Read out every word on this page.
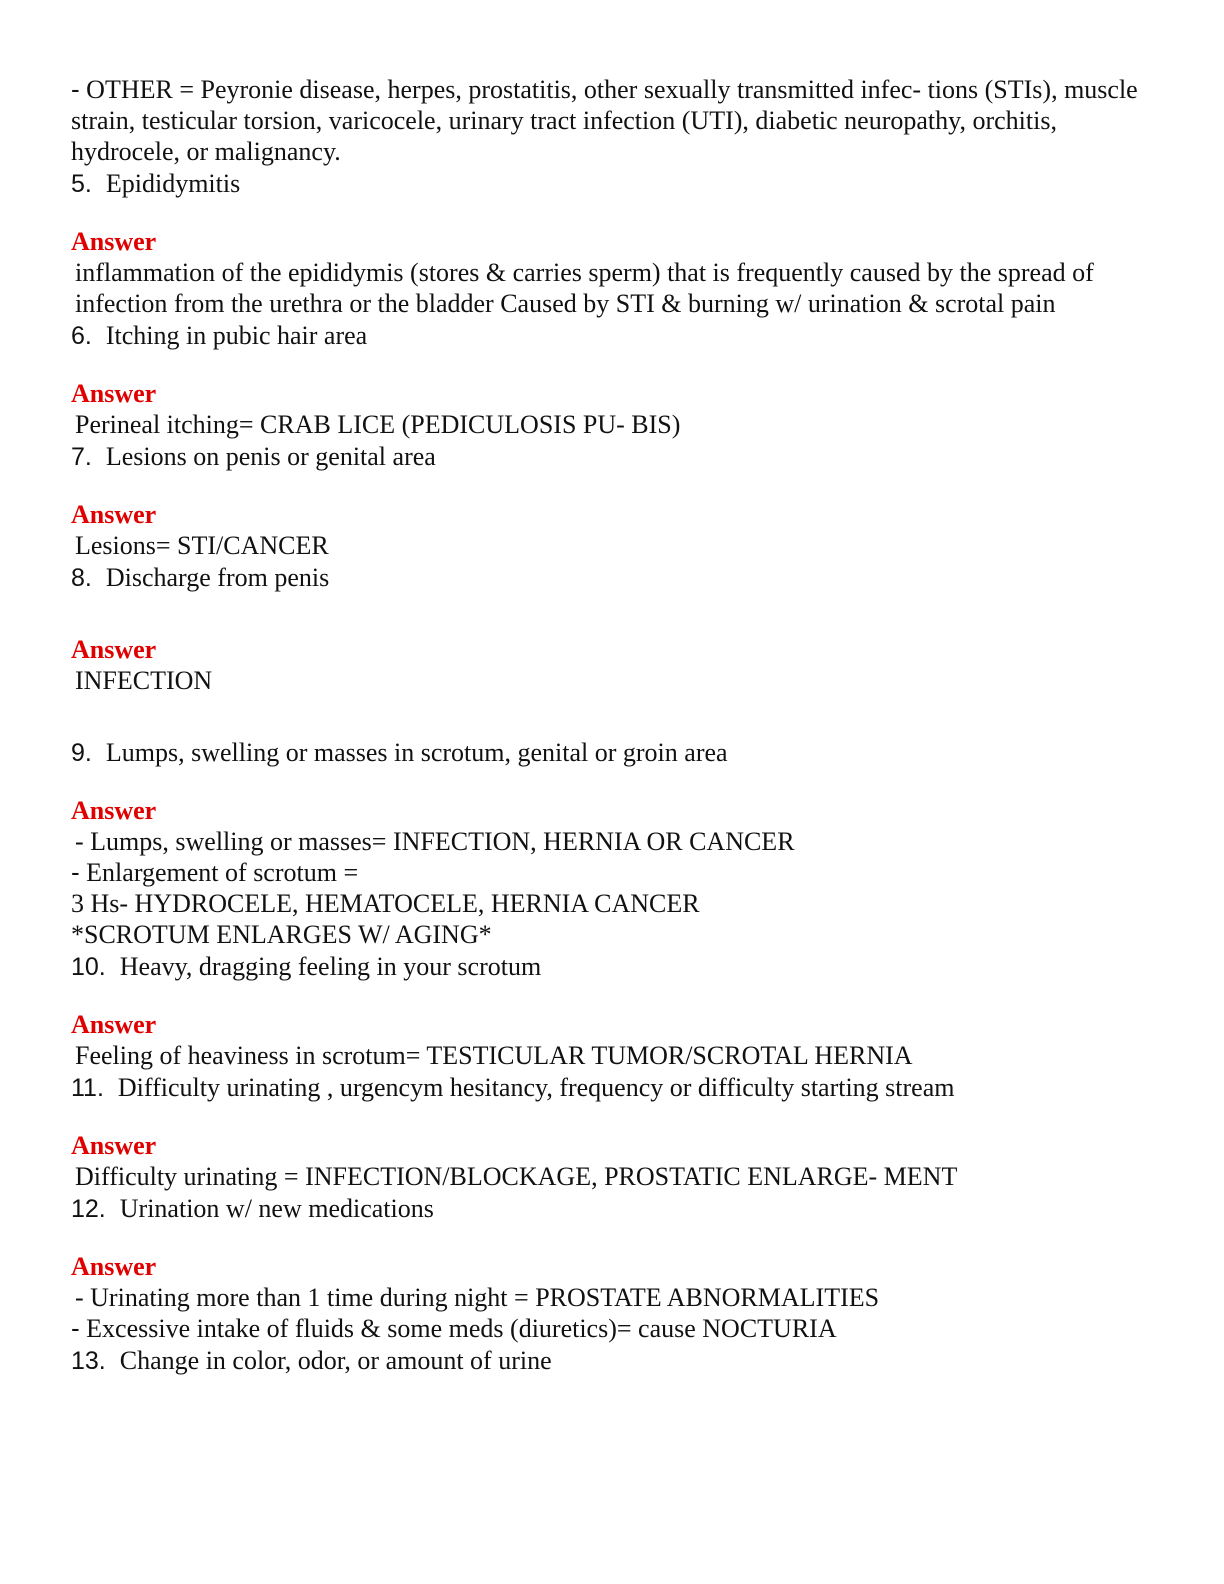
- OTHER = Peyronie disease, herpes, prostatitis, other sexually transmitted infec- tions (STIs), muscle strain, testicular torsion, varicocele, urinary tract infection (UTI), diabetic neuropathy, orchitis, hydrocele, or malignancy.
5. Epididymitis
Answer
inflammation of the epididymis (stores & carries sperm) that is frequently caused by the spread of infection from the urethra or the bladder Caused by STI & burning w/ urination & scrotal pain
6. Itching in pubic hair area
Answer
Perineal itching= CRAB LICE (PEDICULOSIS PU- BIS)
7. Lesions on penis or genital area
Answer
Lesions= STI/CANCER
8. Discharge from penis
Answer
INFECTION
9. Lumps, swelling or masses in scrotum, genital or groin area
Answer
- Lumps, swelling or masses= INFECTION, HERNIA OR CANCER
- Enlargement of scrotum =
3 Hs- HYDROCELE, HEMATOCELE, HERNIA CANCER
*SCROTUM ENLARGES W/ AGING*
10. Heavy, dragging feeling in your scrotum
Answer
Feeling of heaviness in scrotum= TESTICULAR TUMOR/SCROTAL HERNIA
11. Difficulty urinating , urgencym hesitancy, frequency or difficulty starting stream
Answer
Difficulty urinating = INFECTION/BLOCKAGE, PROSTATIC ENLARGE- MENT
12. Urination w/ new medications
Answer
- Urinating more than 1 time during night = PROSTATE ABNORMALITIES
- Excessive intake of fluids & some meds (diuretics)= cause NOCTURIA
13. Change in color, odor, or amount of urine
